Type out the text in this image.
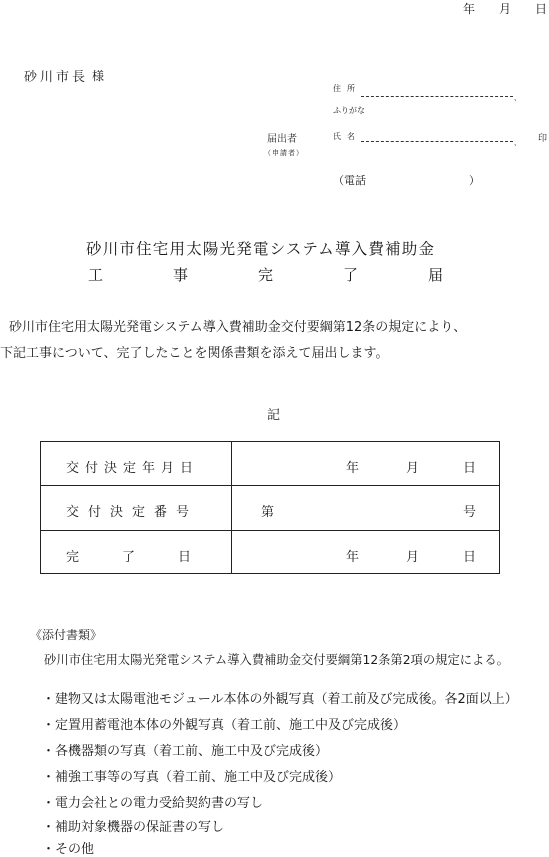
年 月 日
砂川市長 様
住所
、
ふりがな
届出者
（申請者）
氏名
、 印
（電話	）
砂川市住宅用太陽光発電システム導入費補助金
工	事	完	了	届
砂川市住宅用太陽光発電システム導入費補助金交付要綱第12条の規定により、
下記工事について、完了したことを関係書類を添えて届出します。
記
交付決定年月日	年	月	日
交付決定番号	第	号
完了日	年	月	日
《添付書類》
砂川市住宅用太陽光発電システム導入費補助金交付要綱第12条第2項の規定による。
・建物又は太陽電池モジュール本体の外観写真（着工前及び完成後。各2面以上）
・定置用蓄電池本体の外観写真（着工前、施工中及び完成後）
・各機器類の写真（着工前、施工中及び完成後）
・補強工事等の写真（着工前、施工中及び完成後）
・電力会社との電力受給契約書の写し
・補助対象機器の保証書の写し
・その他
